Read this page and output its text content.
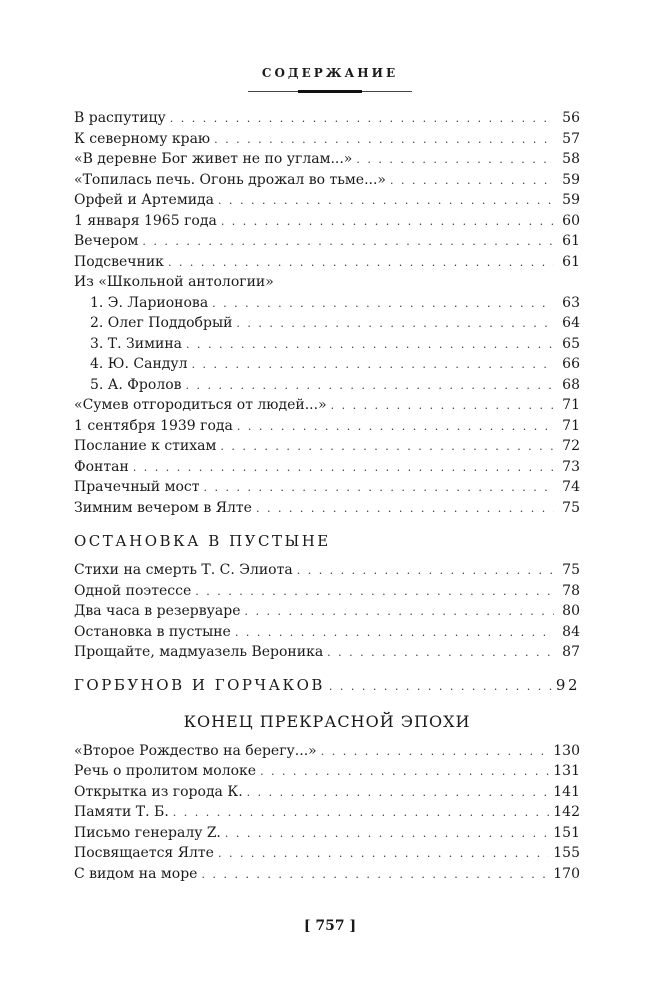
СОДЕРЖАНИЕ
В распутицу . . .	56
К северному краю . . .	57
«В деревне Бог живет не по углам...» . . .	58
«Топилась печь. Огонь дрожал во тьме...» . . .	59
Орфей и Артемида . . .	59
1 января 1965 года . . .	60
Вечером . . .	61
Подсвечник . . .	61
Из «Школьной антологии»
1. Э. Ларионова . . .	63
2. Олег Поддобрый . . .	64
3. Т. Зимина . . .	65
4. Ю. Сандул . . .	66
5. А. Фролов . . .	68
«Сумев отгородиться от людей...» . . .	71
1 сентября 1939 года . . .	71
Послание к стихам . . .	72
Фонтан . . .	73
Прачечный мост . . .	74
Зимним вечером в Ялте . . .	75
ОСТАНОВКА В ПУСТЫНЕ
Стихи на смерть Т. С. Элиота . . .	75
Одной поэтессе . . .	78
Два часа в резервуаре . . .	80
Остановка в пустыне . . .	84
Прощайте, мадмуазель Вероника . . .	87
ГОРБУНОВ И ГОРЧАКОВ . . .	92
КОНЕЦ ПРЕКРАСНОЙ ЭПОХИ
«Второе Рождество на берегу...» . . .	130
Речь о пролитом молоке . . .	131
Открытка из города К. . . .	141
Памяти Т. Б. . . .	142
Письмо генералу Z. . . .	151
Посвящается Ялте . . .	155
С видом на море . . .	170
[ 757 ]
